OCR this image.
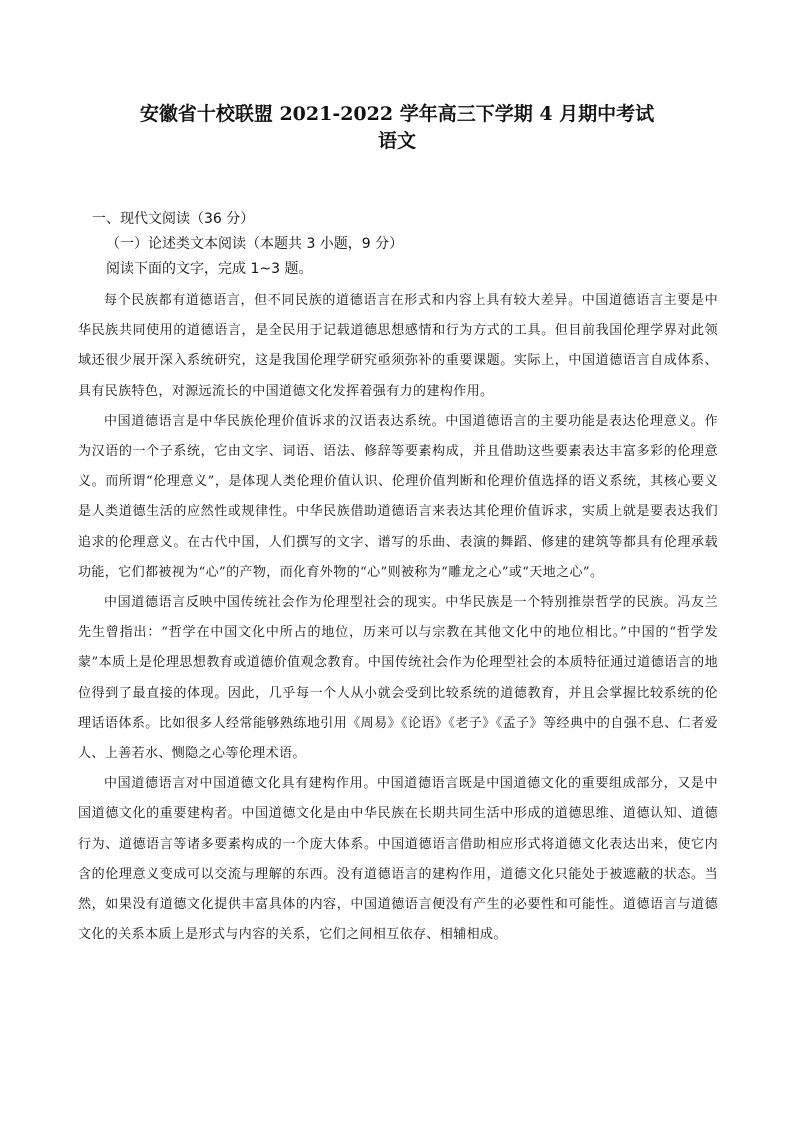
安徽省十校联盟 2021-2022 学年高三下学期 4 月期中考试
语文
一、现代文阅读（36 分）
（一）论述类文本阅读（本题共 3 小题，9 分）
阅读下面的文字，完成 1~3 题。

每个民族都有道德语言，但不同民族的道德语言在形式和内容上具有较大差异。中国道德语言主要是中华民族共同使用的道德语言，是全民用于记载道德思想感情和行为方式的工具。但目前我国伦理学界对此领域还很少展开深入系统研究，这是我国伦理学研究亟须弥补的重要课题。实际上，中国道德语言自成体系、具有民族特色，对源远流长的中国道德文化发挥着强有力的建构作用。

中国道德语言是中华民族伦理价值诉求的汉语表达系统。中国道德语言的主要功能是表达伦理意义。作为汉语的一个子系统，它由文字、词语、语法、修辞等要素构成，并且借助这些要素表达丰富多彩的伦理意义。而所谓“伦理意义”，是体现人类伦理价值认识、伦理价值判断和伦理价值选择的语义系统，其核心要义是人类道德生活的应然性或规律性。中华民族借助道德语言来表达其伦理价值诉求，实质上就是要表达我们追求的伦理意义。在古代中国，人们撰写的文字、谱写的乐曲、表演的舞蹈、修建的建筑等都具有伦理承载功能，它们都被视为“心”的产物，而化育外物的“心”则被称为“雕龙之心”或“天地之心”。

中国道德语言反映中国传统社会作为伦理型社会的现实。中华民族是一个特别推崇哲学的民族。冯友兰先生曾指出：“哲学在中国文化中所占的地位，历来可以与宗教在其他文化中的地位相比。”中国的“哲学发蒙”本质上是伦理思想教育或道德价值观念教育。中国传统社会作为伦理型社会的本质特征通过道德语言的地位得到了最直接的体现。因此，几乎每一个人从小就会受到比较系统的道德教育，并且会掌握比较系统的伦理话语体系。比如很多人经常能够熟练地引用《周易》《论语》《老子》《孟子》等经典中的自强不息、仁者爱人、上善若水、恻隐之心等伦理术语。

中国道德语言对中国道德文化具有建构作用。中国道德语言既是中国道德文化的重要组成部分，又是中国道德文化的重要建构者。中国道德文化是由中华民族在长期共同生活中形成的道德思维、道德认知、道德行为、道德语言等诸多要素构成的一个庞大体系。中国道德语言借助相应形式将道德文化表达出来，使它内含的伦理意义变成可以交流与理解的东西。没有道德语言的建构作用，道德文化只能处于被遮蔽的状态。当然，如果没有道德文化提供丰富具体的内容，中国道德语言便没有产生的必要性和可能性。道德语言与道德文化的关系本质上是形式与内容的关系，它们之间相互依存、相辅相成。
